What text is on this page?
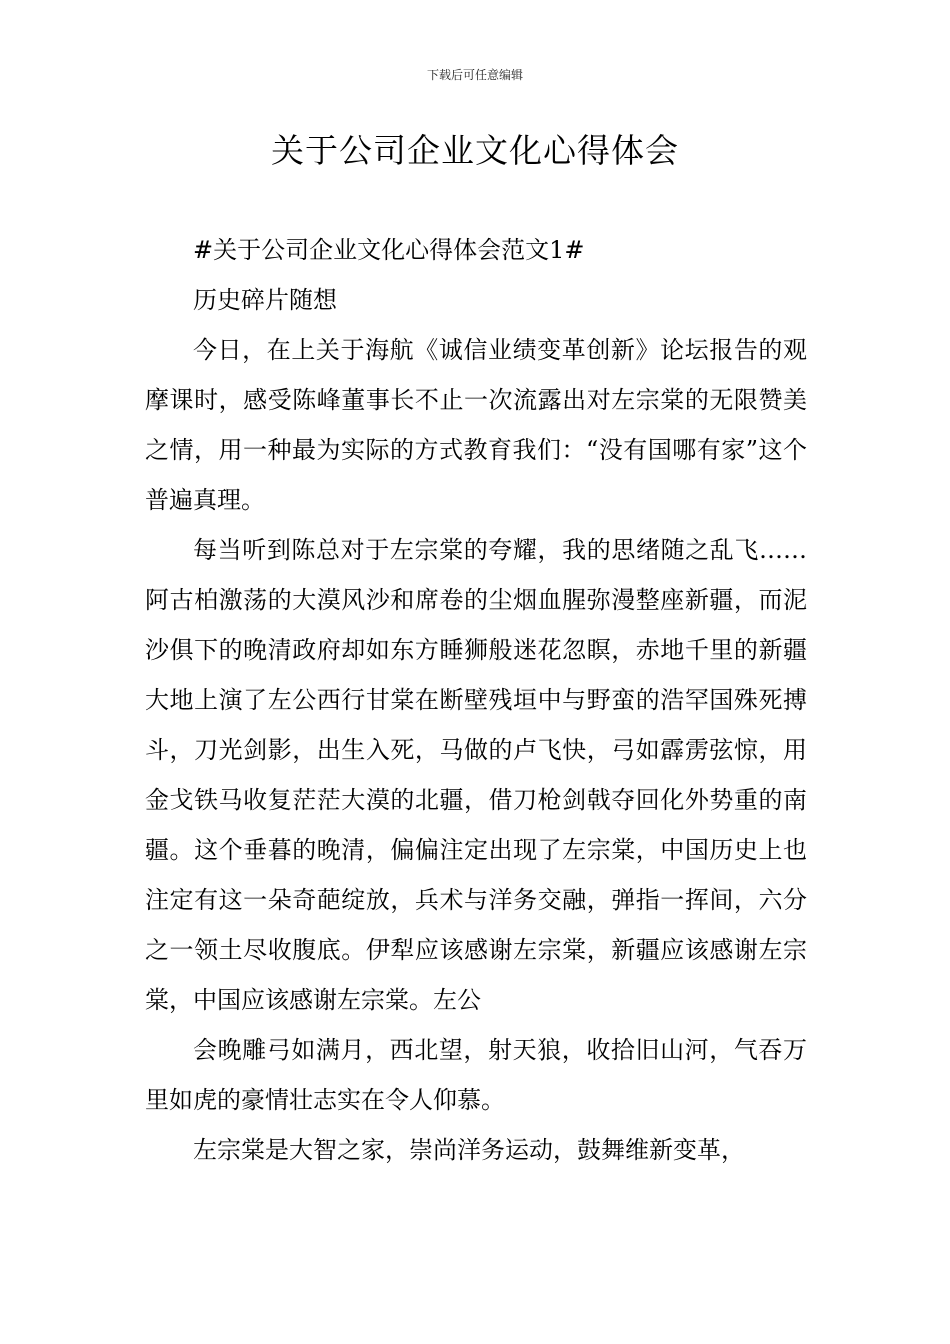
下载后可任意编辑
关于公司企业文化心得体会

#关于公司企业文化心得体会范文1#

历史碎片随想

今日，在上关于海航《诚信业绩变革创新》论坛报告的观摩课时，感受陈峰董事长不止一次流露出对左宗棠的无限赞美之情，用一种最为实际的方式教育我们：“没有国哪有家”这个普遍真理。

每当听到陈总对于左宗棠的夸耀，我的思绪随之乱飞……阿古柏激荡的大漠风沙和席卷的尘烟血腥弥漫整座新疆，而泥沙俱下的晚清政府却如东方睡狮般迷花忽瞑，赤地千里的新疆大地上演了左公西行甘棠在断壁残垣中与野蛮的浩罕国殊死搏斗，刀光剑影，出生入死，马做的卢飞快，弓如霹雳弦惊，用金戈铁马收复茫茫大漠的北疆，借刀枪剑戟夺回化外势重的南疆。这个垂暮的晚清，偏偏注定出现了左宗棠，中国历史上也注定有这一朵奇葩绽放，兵术与洋务交融，弹指一挥间，六分之一领土尽收腹底。伊犁应该感谢左宗棠，新疆应该感谢左宗棠，中国应该感谢左宗棠。左公

会晚雕弓如满月，西北望，射天狼，收拾旧山河，气吞万里如虎的豪情壮志实在令人仰慕。

左宗棠是大智之家，崇尚洋务运动，鼓舞维新变革，
